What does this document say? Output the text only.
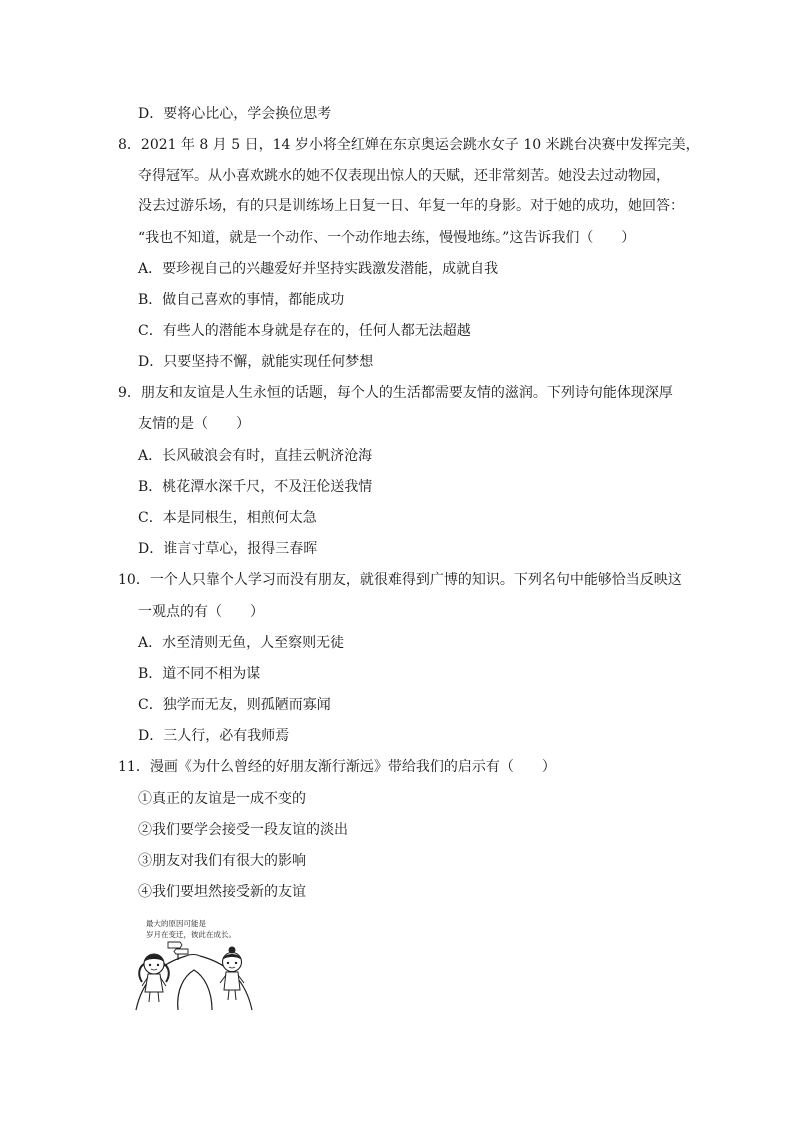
D．要将心比心，学会换位思考
8．2021 年 8 月 5 日，14 岁小将全红婵在东京奥运会跳水女子 10 米跳台决赛中发挥完美，
夺得冠军。从小喜欢跳水的她不仅表现出惊人的天赋，还非常刻苦。她没去过动物园，
没去过游乐场，有的只是训练场上日复一日、年复一年的身影。对于她的成功，她回答：
“我也不知道，就是一个动作、一个动作地去练，慢慢地练。”这告诉我们（　　）
A．要珍视自己的兴趣爱好并坚持实践激发潜能，成就自我
B．做自己喜欢的事情，都能成功
C．有些人的潜能本身就是存在的，任何人都无法超越
D．只要坚持不懈，就能实现任何梦想
9．朋友和友谊是人生永恒的话题，每个人的生活都需要友情的滋润。下列诗句能体现深厚
友情的是（　　）
A．长风破浪会有时，直挂云帆济沧海
B．桃花潭水深千尺，不及汪伦送我情
C．本是同根生，相煎何太急
D．谁言寸草心，报得三春晖
10．一个人只靠个人学习而没有朋友，就很难得到广博的知识。下列名句中能够恰当反映这
一观点的有（　　）
A．水至清则无鱼，人至察则无徒
B．道不同不相为谋
C．独学而无友，则孤陋而寡闻
D．三人行，必有我师焉
11．漫画《为什么曾经的好朋友渐行渐远》带给我们的启示有（　　）
①真正的友谊是一成不变的
②我们要学会接受一段友谊的淡出
③朋友对我们有很大的影响
④我们要坦然接受新的友谊
最大的原因可能是
岁月在变迁，彼此在成长。
